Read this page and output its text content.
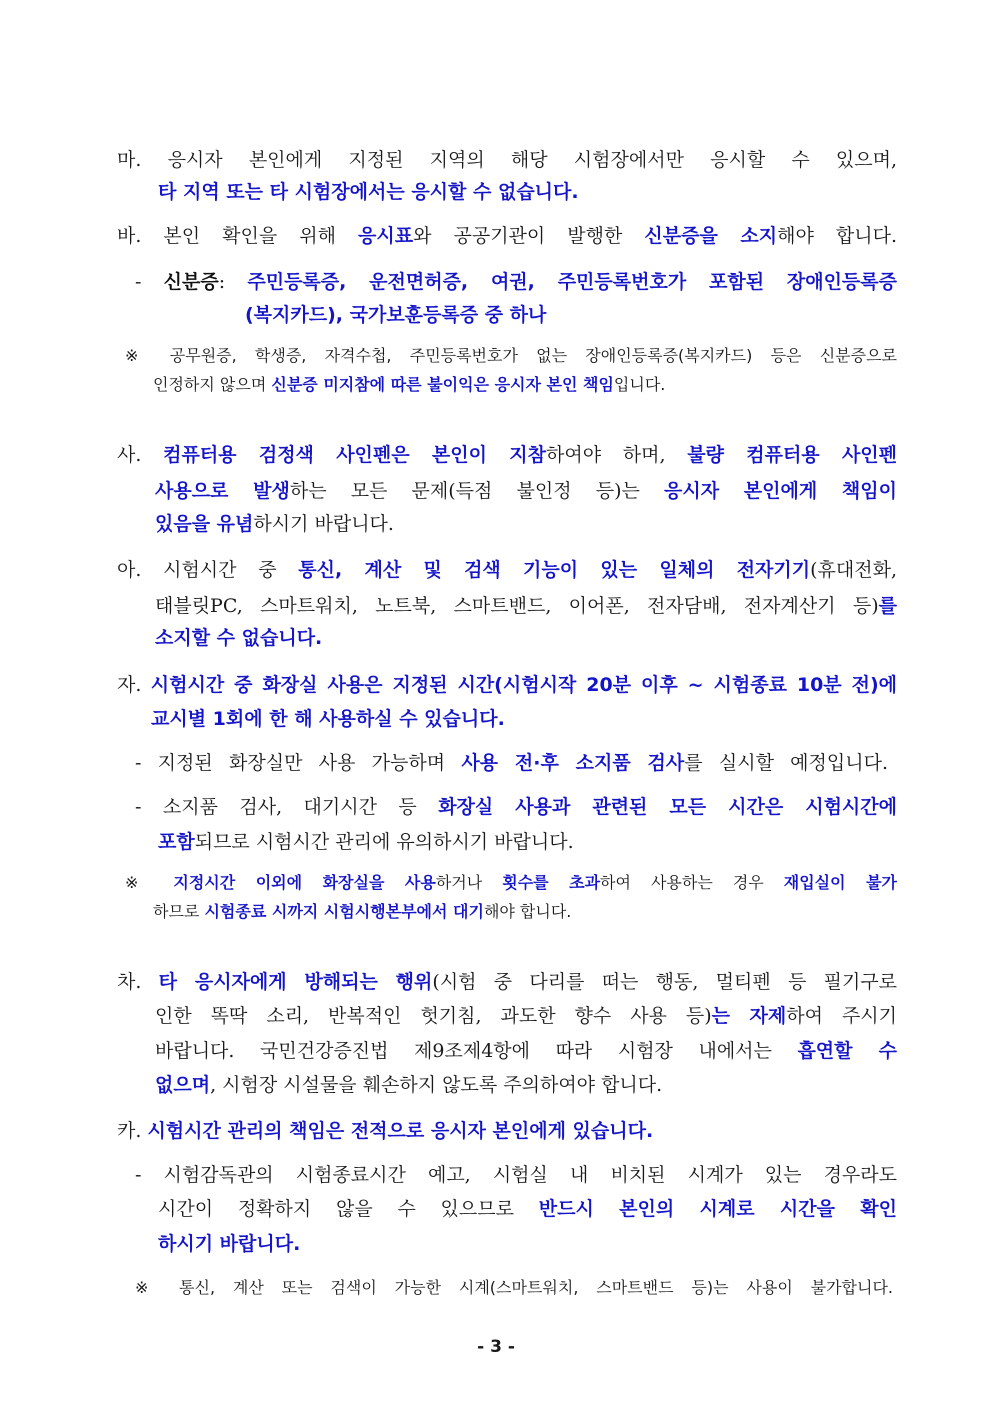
마. 응시자 본인에게 지정된 지역의 해당 시험장에서만 응시할 수 있으며,
타 지역 또는 타 시험장에서는 응시할 수 없습니다.
바. 본인 확인을 위해 응시표와 공공기관이 발행한 신분증을 소지해야 합니다.
- 신분증: 주민등록증, 운전면허증, 여권, 주민등록번호가 포함된 장애인등록증
(복지카드), 국가보훈등록증 중 하나
※ 공무원증, 학생증, 자격수첩, 주민등록번호가 없는 장애인등록증(복지카드) 등은 신분증으로
인정하지 않으며 신분증 미지참에 따른 불이익은 응시자 본인 책임입니다.
사. 컴퓨터용 검정색 사인펜은 본인이 지참하여야 하며, 불량 컴퓨터용 사인펜
사용으로 발생하는 모든 문제(득점 불인정 등)는 응시자 본인에게 책임이
있음을 유념하시기 바랍니다.
아. 시험시간 중 통신, 계산 및 검색 기능이 있는 일체의 전자기기(휴대전화,
태블릿PC, 스마트워치, 노트북, 스마트밴드, 이어폰, 전자담배, 전자계산기 등)를
소지할 수 없습니다.
자. 시험시간 중 화장실 사용은 지정된 시간(시험시작 20분 이후 ~ 시험종료 10분 전)에
교시별 1회에 한 해 사용하실 수 있습니다.
- 지정된 화장실만 사용 가능하며 사용 전·후 소지품 검사를 실시할 예정입니다.
- 소지품 검사, 대기시간 등 화장실 사용과 관련된 모든 시간은 시험시간에
포함되므로 시험시간 관리에 유의하시기 바랍니다.
※ 지정시간 이외에 화장실을 사용하거나 횟수를 초과하여 사용하는 경우 재입실이 불가
하므로 시험종료 시까지 시험시행본부에서 대기해야 합니다.
차. 타 응시자에게 방해되는 행위(시험 중 다리를 떠는 행동, 멀티펜 등 필기구로
인한 똑딱 소리, 반복적인 헛기침, 과도한 향수 사용 등)는 자제하여 주시기
바랍니다. 국민건강증진법 제9조제4항에 따라 시험장 내에서는 흡연할 수
없으며, 시험장 시설물을 훼손하지 않도록 주의하여야 합니다.
카. 시험시간 관리의 책임은 전적으로 응시자 본인에게 있습니다.
- 시험감독관의 시험종료시간 예고, 시험실 내 비치된 시계가 있는 경우라도
시간이 정확하지 않을 수 있으므로 반드시 본인의 시계로 시간을 확인
하시기 바랍니다.
※ 통신, 계산 또는 검색이 가능한 시계(스마트워치, 스마트밴드 등)는 사용이 불가합니다.
- 3 -
